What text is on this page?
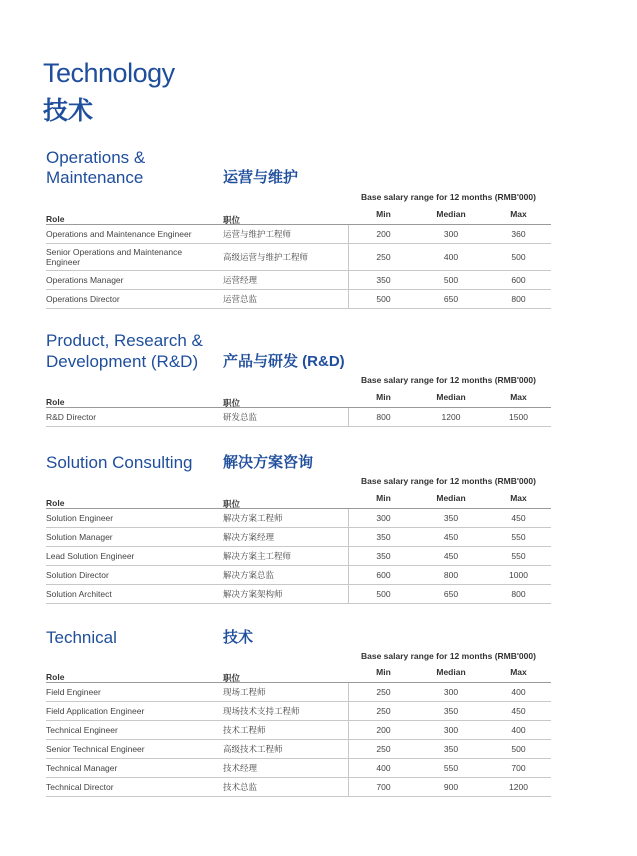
Technology
技术
Operations &
Maintenance	运营与维护
Base salary range for 12 months (RMB'000)
Role	职位
Min	Median	Max
Operations and Maintenance Engineer	运营与维护工程师	200	300	360
Senior Operations and Maintenance Engineer	高级运营与维护工程师	250	400	500
Operations Manager	运营经理	350	500	600
Operations Director	运营总监	500	650	800
Product, Research &
Development (R&D) 产品与研发 (R&D)
Base salary range for 12 months (RMB'000)
Role	职位
Min	Median	Max
R&D Director	研发总监	800	1200	1500
Solution Consulting 解决方案咨询
Base salary range for 12 months (RMB'000)
Role	职位
Min	Median	Max
Solution Engineer	解决方案工程师	300	350	450
Solution Manager	解决方案经理	350	450	550
Lead Solution Engineer	解决方案主工程师	350	450	550
Solution Director	解决方案总监	600	800	1000
Solution Architect	解决方案架构师	500	650	800
Technical	技术
Base salary range for 12 months (RMB'000)
Role	职位
Min	Median	Max
Field Engineer	现场工程师	250	300	400
Field Application Engineer	现场技术支持工程师	250	350	450
Technical Engineer	技术工程师	200	300	400
Senior Technical Engineer	高级技术工程师	250	350	500
Technical Manager	技术经理	400	550	700
Technical Director	技术总监	700	900	1200
